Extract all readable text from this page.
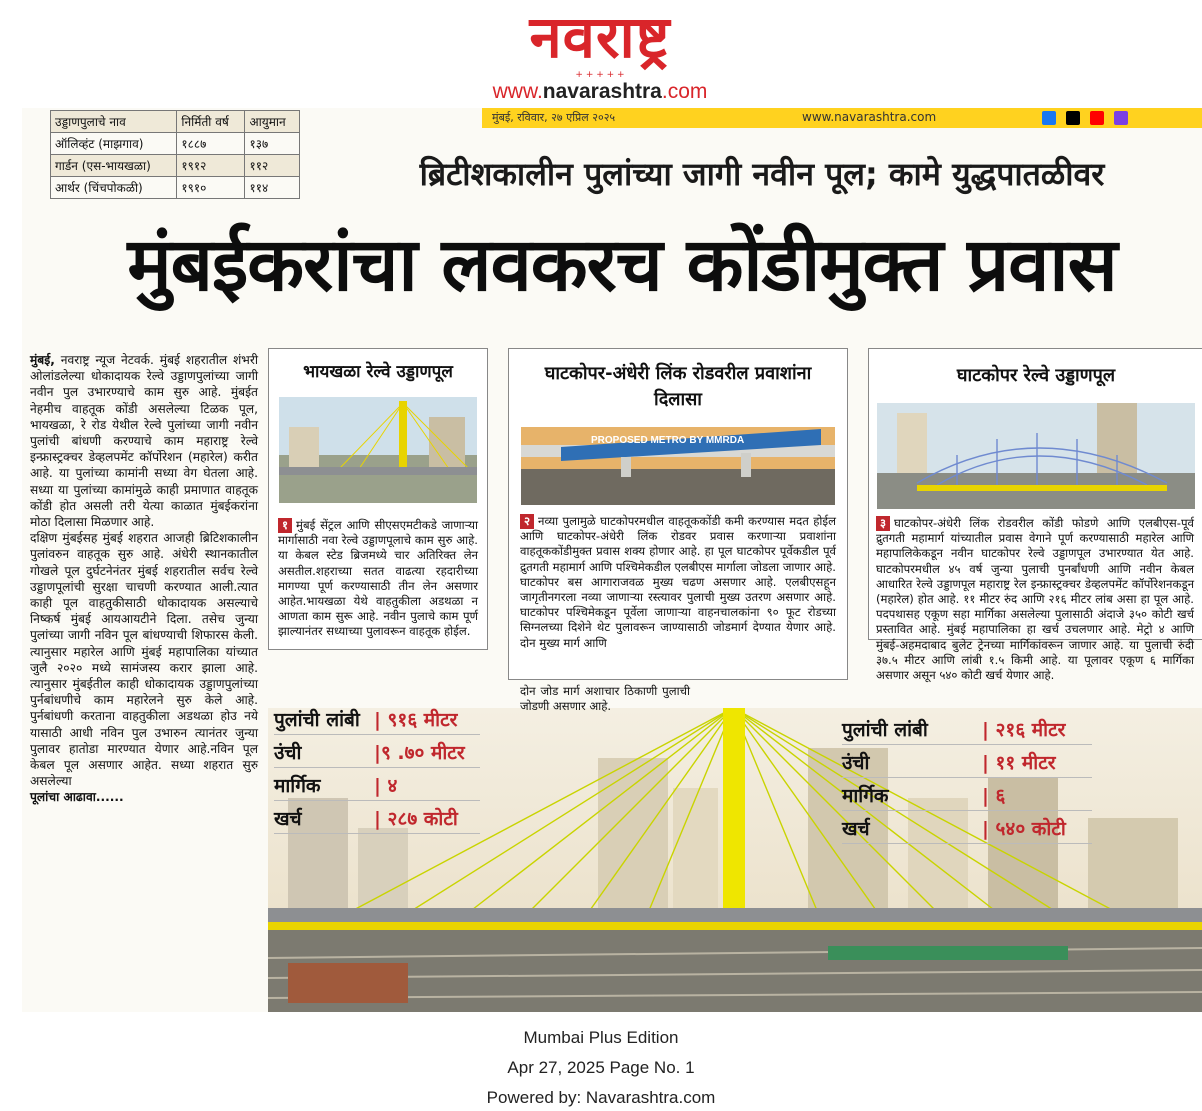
नवराष्ट्र
+ + + + +
www.navarashtra.com
मुंबई, रविवार, २७ एप्रिल २०२५	www.navarashtra.com
उड्डाणपुलाचे नाव	निर्मिती वर्ष	आयुमान
ऑलिव्हंट (माझगाव)	१८८७	१३७
गार्डन (एस-भायखळा)	१९१२	११२
आर्थर (चिंचपोकळी)	१९१०	११४	ब्रिटीशकालीन पुलांच्या जागी नवीन पूल; कामे युद्धपातळीवर
मुंबईकरांचा लवकरच कोंडीमुक्त प्रवास

मुंबई, नवराष्ट्र न्यूज नेटवर्क. मुंबई शहरातील शंभरी ओलांडलेल्या धोकादायक रेल्वे उड्डाणपुलांच्या जागी नवीन पुल उभारण्याचे काम सुरु आहे. मुंबईत नेहमीच वाहतूक कोंडी असलेल्या टिळक पूल, भायखळा, रे रोड येथील रेल्वे पुलांच्या जागी नवीन पुलांची बांधणी करण्याचे काम महाराष्ट्र रेल्वे इन्फ्रास्ट्रक्चर डेव्हलपमेंट कॉर्पोरेशन (महारेल) करीत आहे. या पुलांच्या कामांनी सध्या वेग घेतला आहे. सध्या या पुलांच्या कामांमुळे काही प्रमाणात वाहतूक कोंडी होत असली तरी येत्या काळात मुंबईकरांना मोठा दिलासा मिळणार आहे.

दक्षिण मुंबईसह मुंबई शहरात आजही ब्रिटिशकालीन पुलांवरुन वाहतूक सुरु आहे. अंधेरी स्थानकातील गोखले पूल दुर्घटनेनंतर मुंबई शहरातील सर्वच रेल्वे उड्डाणपूलांची सुरक्षा चाचणी करण्यात आली.त्यात काही पूल वाहतुकीसाठी धोकादायक असल्याचे निष्कर्ष मुंबई आयआयटीने दिला. तसेच जुन्या पुलांच्या जागी नविन पूल बांधण्याची शिफारस केली. त्यानुसार महारेल आणि मुंबई महापालिका यांच्यात जुलै २०२० मध्ये सामंजस्य करार झाला आहे. त्यानुसार मुंबईतील काही धोकादायक उड्डाणपुलांच्या पुर्नबांधणीचे काम महारेलने सुरु केले आहे. पुर्नबांधणी करताना वाहतुकीला अडथळा होउ नये यासाठी आधी नविन पुल उभारुन त्यानंतर जुन्या पुलावर हातोडा मारण्यात येणार आहे.नविन पूल केबल पूल असणार आहेत. सध्या शहरात सुरु असलेल्या

पूलांचा आढावा......

भायखळा रेल्वे उड्डाणपूल
१ मुंबई सेंट्रल आणि सीएसएमटीकडे जाणाऱ्या मार्गासाठी नवा रेल्वे उड्डाणपूलाचे काम सुरु आहे. या केबल स्टेड ब्रिजमध्ये चार अतिरिक्त लेन असतील.शहराच्या सतत वाढत्या रहदारीच्या मागण्या पूर्ण करण्यासाठी तीन लेन असणार आहेत.भायखळा येथे वाहतुकीला अडथळा न आणता काम सुरू आहे. नवीन पुलाचे काम पूर्ण झाल्यानंतर सध्याच्या पुलावरून वाहतूक होईल.
पुलांची लांबी | ९१६ मीटर
उंची	|९ .७० मीटर
मार्गिक	| ४
खर्च	| २८७ कोटी
घाटकोपर-अंधेरी लिंक रोडवरील प्रवाशांना दिलासा
PROPOSED METRO BY MMRDA
२ नव्या पुलामुळे घाटकोपरमधील वाहतूककोंडी कमी करण्यास मदत होईल आणि घाटकोपर-अंधेरी लिंक रोडवर प्रवास करणाऱ्या प्रवाशांना वाहतूककोंडीमुक्त प्रवास शक्य होणार आहे. हा पूल घाटकोपर पूर्वेकडील पूर्व द्रुतगती महामार्ग आणि पश्चिमेकडील एलबीएस मार्गाला जोडला जाणार आहे. घाटकोपर बस आगाराजवळ मुख्य चढण असणार आहे. एलबीएसहून जागृतीनगरला नव्या जाणाऱ्या रस्त्यावर पुलाची मुख्य उतरण असणार आहे. घाटकोपर पश्चिमेकडून पूर्वेला जाणाऱ्या वाहनचालकांना ९० फूट रोडच्या सिग्नलच्या दिशेने थेट पुलावरून जाण्यासाठी जोडमार्ग देण्यात येणार आहे. दोन मुख्य मार्ग आणि
दोन जोड मार्ग अशाचार ठिकाणी पुलाची जोडणी असणार आहे.
घाटकोपर रेल्वे उड्डाणपूल
३ घाटकोपर-अंधेरी लिंक रोडवरील कोंडी फोडणे आणि एलबीएस-पूर्व द्रुतगती महामार्ग यांच्यातील प्रवास वेगाने पूर्ण करण्यासाठी महारेल आणि महापालिकेकडून नवीन घाटकोपर रेल्वे उड्डाणपूल उभारण्यात येत आहे. घाटकोपरमधील ४५ वर्ष जुन्या पुलाची पुनर्बांधणी आणि नवीन केबल आधारित रेल्वे उड्डाणपूल महाराष्ट्र रेल इन्फ्रास्ट्रक्चर डेव्हलपमेंट कॉर्पोरेशनकडून (महारेल) होत आहे. ११ मीटर रुंद आणि २१६ मीटर लांब असा हा पूल आहे. पदपथासह एकूण सहा मार्गिका असलेल्या पुलासाठी अंदाजे ३५० कोटी खर्च प्रस्तावित आहे. मुंबई महापालिका हा खर्च उचलणार आहे. मेट्रो ४ आणि मुंबई-अहमदाबाद बुलेट ट्रेनच्या मार्गिकांवरून जाणार आहे. या पुलाची रुंदी ३७.५ मीटर आणि लांबी १.५ किमी आहे. या पूलावर एकूण ६ मार्गिका असणार असून ५४० कोटी खर्च येणार आहे.
पुलांची लांबी	| २१६ मीटर
उंची	| ११ मीटर
मार्गिक	| ६
खर्च	| ५४० कोटी
Mumbai Plus Edition
Apr 27, 2025 Page No. 1
Powered by: Navarashtra.com
